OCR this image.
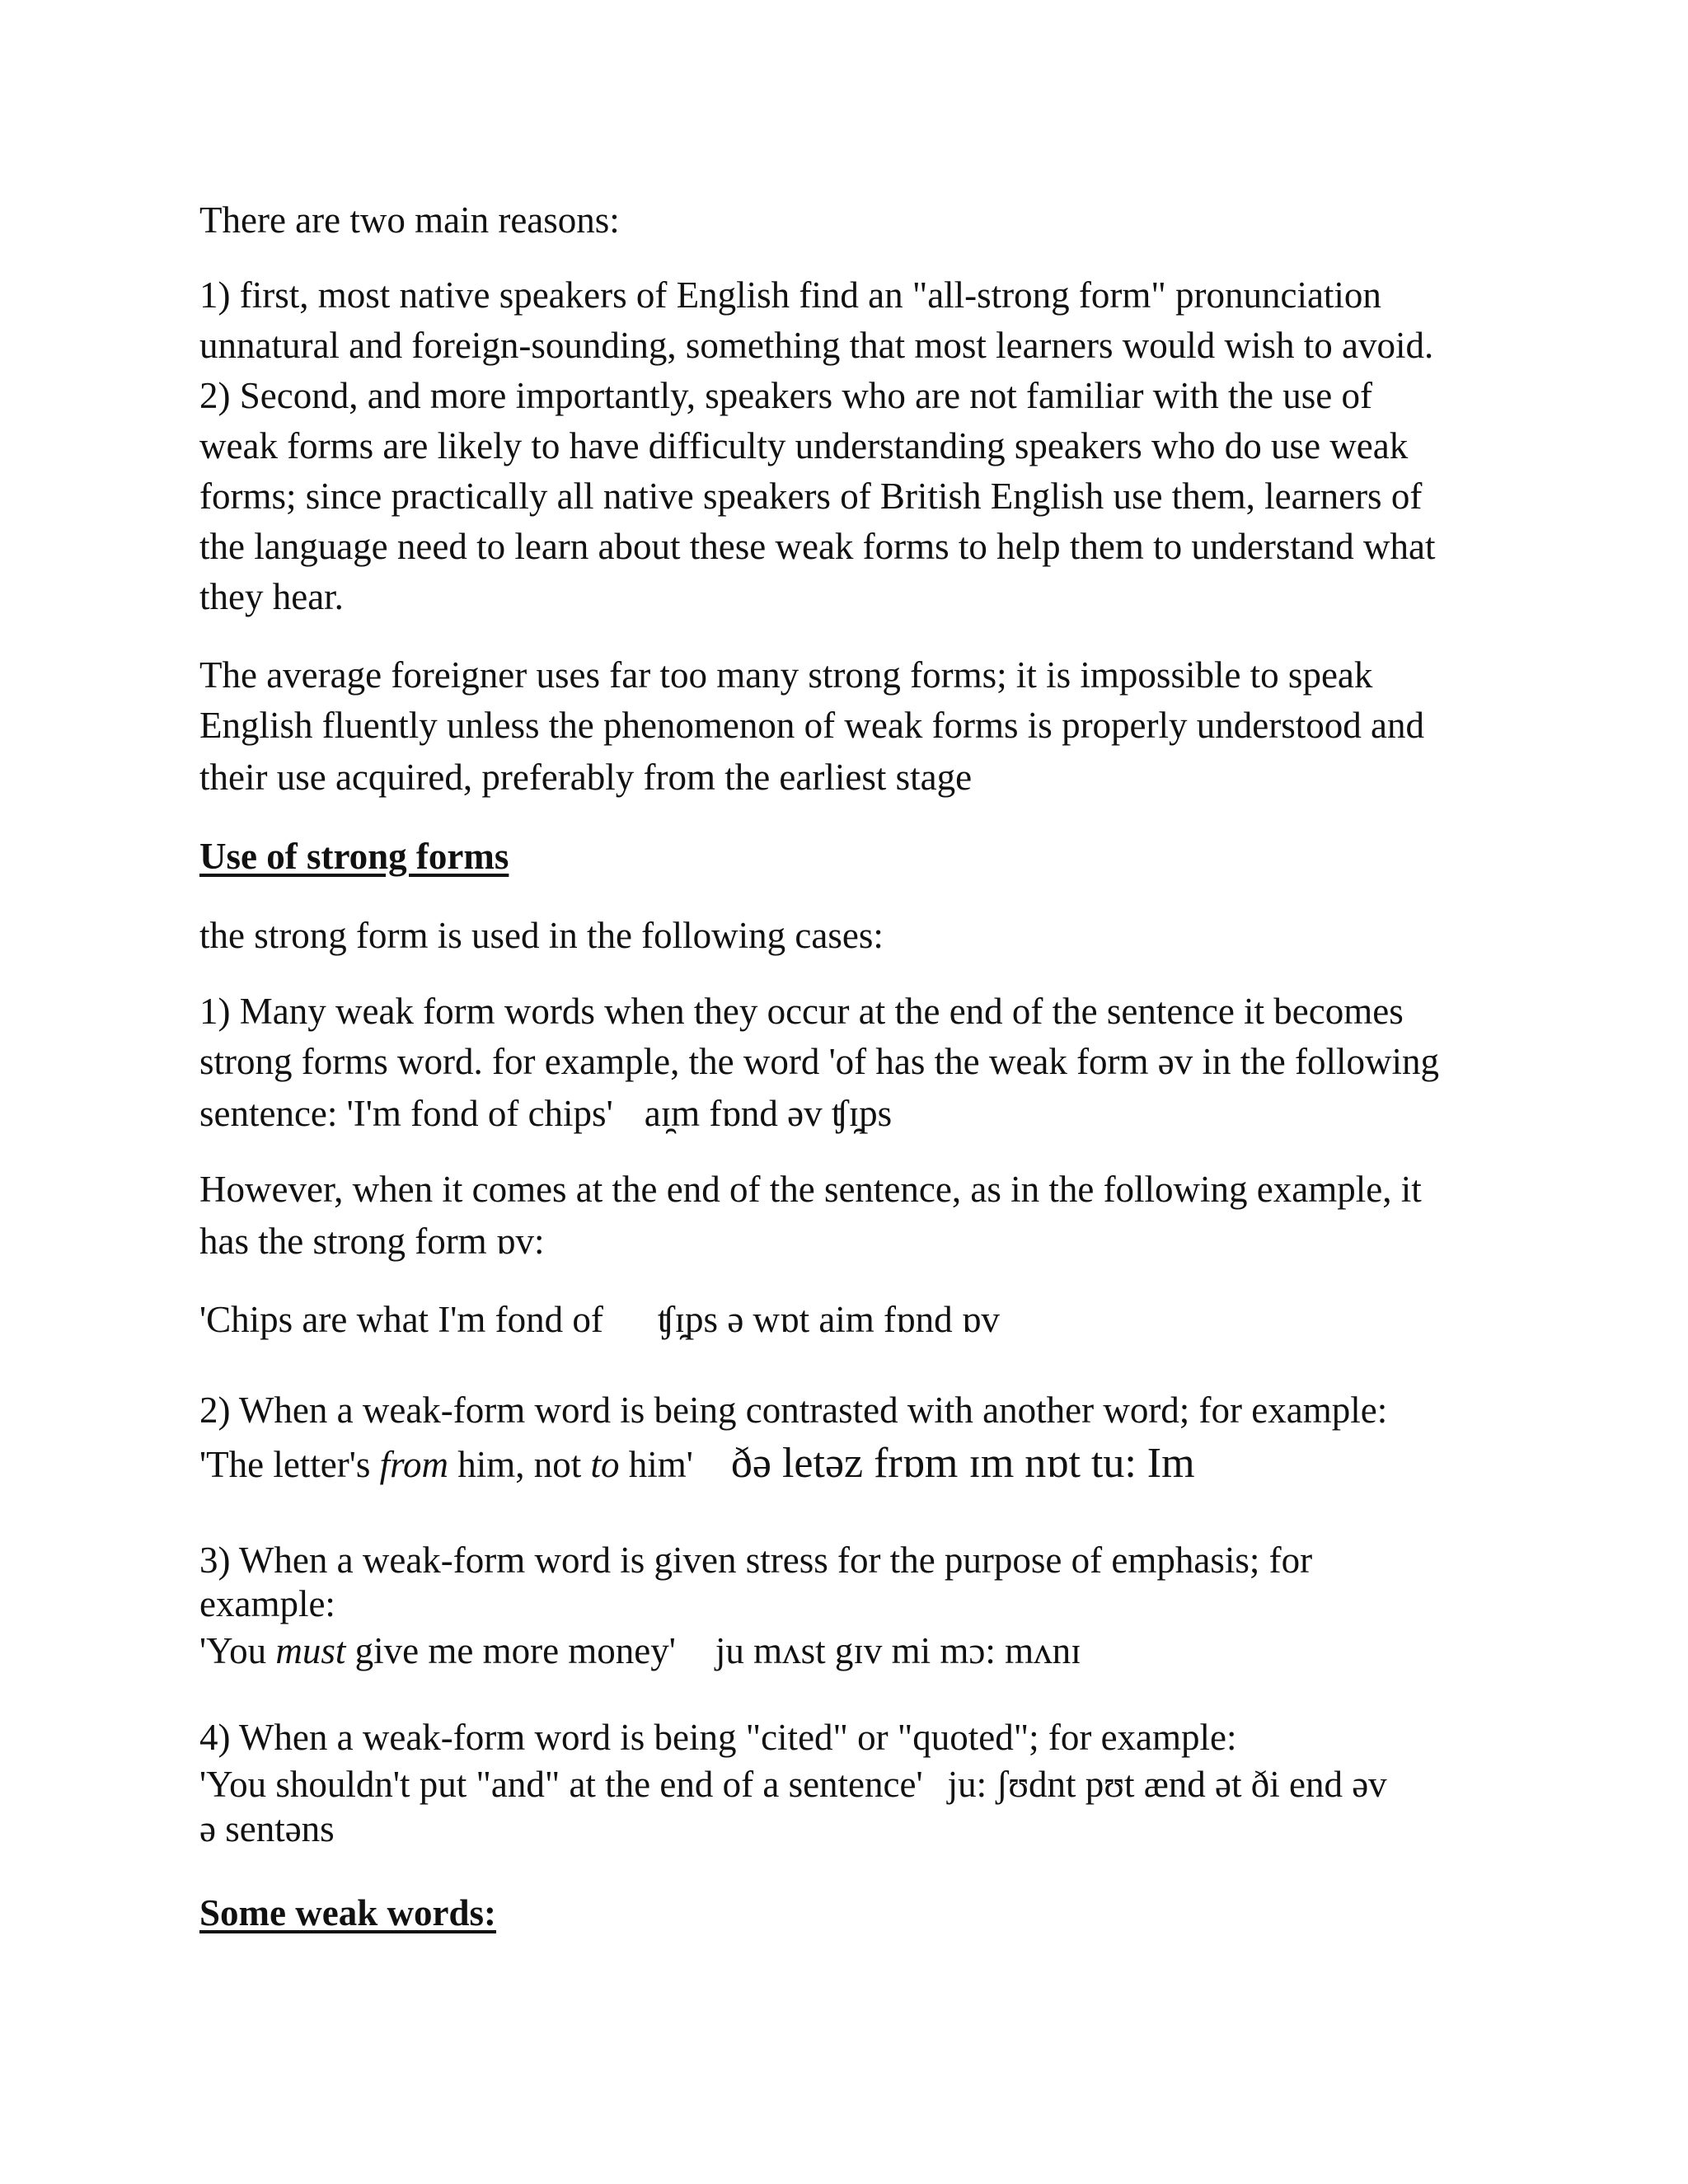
There are two main reasons:

1) first, most native speakers of English find an "all-strong form" pronunciation

unnatural and foreign-sounding, something that most learners would wish to avoid.

2) Second, and more importantly, speakers who are not familiar with the use of

weak forms are likely to have difficulty understanding speakers who do use weak

forms; since practically all native speakers of British English use them, learners of

the language need to learn about these weak forms to help them to understand what

they hear.

The average foreigner uses far too many strong forms; it is impossible to speak

English fluently unless the phenomenon of weak forms is properly understood and

their use acquired, preferably from the earliest stage

Use of strong forms

the strong form is used in the following cases:

1) Many weak form words when they occur at the end of the sentence it becomes

strong forms word. for example, the word 'of has the weak form əv in the following

sentence: 'I'm fond of chips' aɪ̯m fɒnd əv ʧɪ̯ps

However, when it comes at the end of the sentence, as in the following example, it

has the strong form ɒv:

'Chips are what I'm fond of ʧɪ̯ps ə wɒt aim fɒnd ɒv

2) When a weak-form word is being contrasted with another word; for example:

'The letter's from him, not to him' ðə letəz frɒm ɪm nɒt tu: Im

3) When a weak-form word is given stress for the purpose of emphasis; for

example:

'You must give me more money' ju mʌst gɪv mi mɔ: mʌnɪ

4) When a weak-form word is being "cited" or "quoted"; for example:

'You shouldn't put "and" at the end of a sentence' ju: ʃʊdnt pʊt ænd ət ði end əv

ə sentəns

Some weak words:
